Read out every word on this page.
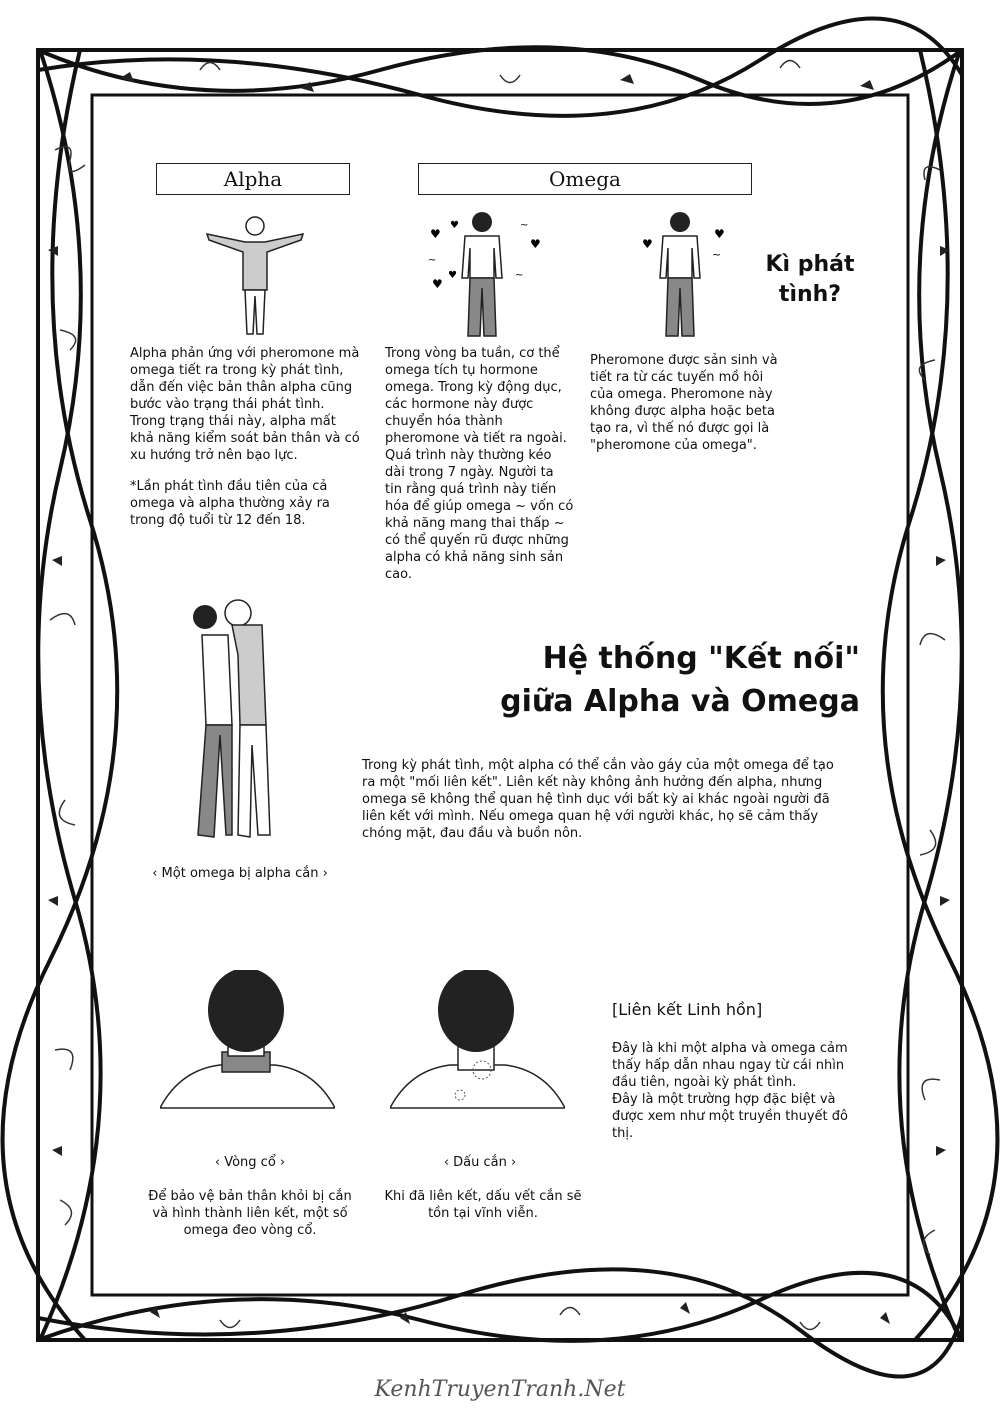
Alpha	Omega
♥
♥
♥
♥
♥
~
~
~
♥
♥
~	Kì phát
tình?
Alpha phản ứng với pheromone mà
omega tiết ra trong kỳ phát tình,
dẫn đến việc bản thân alpha cũng
bước vào trạng thái phát tình.
Trong trạng thái này, alpha mất
khả năng kiểm soát bản thân và có
xu hướng trở nên bạo lực.
*Lần phát tình đầu tiên của cả
omega và alpha thường xảy ra
trong độ tuổi từ 12 đến 18.
Trong vòng ba tuần, cơ thể
omega tích tụ hormone
omega. Trong kỳ động dục,
các hormone này được
chuyển hóa thành
pheromone và tiết ra ngoài.
Quá trình này thường kéo
dài trong 7 ngày. Người ta
tin rằng quá trình này tiến
hóa để giúp omega ~ vốn có
khả năng mang thai thấp ~
có thể quyến rũ được những
alpha có khả năng sinh sản
cao.
Pheromone được sản sinh và
tiết ra từ các tuyến mồ hôi
của omega. Pheromone này
không được alpha hoặc beta
tạo ra, vì thế nó được gọi là
"pheromone của omega".
‹ Một omega bị alpha cắn ›
Hệ thống "Kết nối"
giữa Alpha và Omega
Trong kỳ phát tình, một alpha có thể cắn vào gáy của một omega để tạo
ra một "mối liên kết". Liên kết này không ảnh hưởng đến alpha, nhưng
omega sẽ không thể quan hệ tình dục với bất kỳ ai khác ngoài người đã
liên kết với mình. Nếu omega quan hệ với người khác, họ sẽ cảm thấy
chóng mặt, đau đầu và buồn nôn.
‹ Vòng cổ ›	‹ Dấu cắn ›
Để bảo vệ bản thân khỏi bị cắn
và hình thành liên kết, một số
omega đeo vòng cổ.
Khi đã liên kết, dấu vết cắn sẽ
tồn tại vĩnh viễn.
[Liên kết Linh hồn]
Đây là khi một alpha và omega cảm
thấy hấp dẫn nhau ngay từ cái nhìn
đầu tiên, ngoài kỳ phát tình.
Đây là một trường hợp đặc biệt và
được xem như một truyền thuyết đô
thị.
KenhTruyenTranh.Net
